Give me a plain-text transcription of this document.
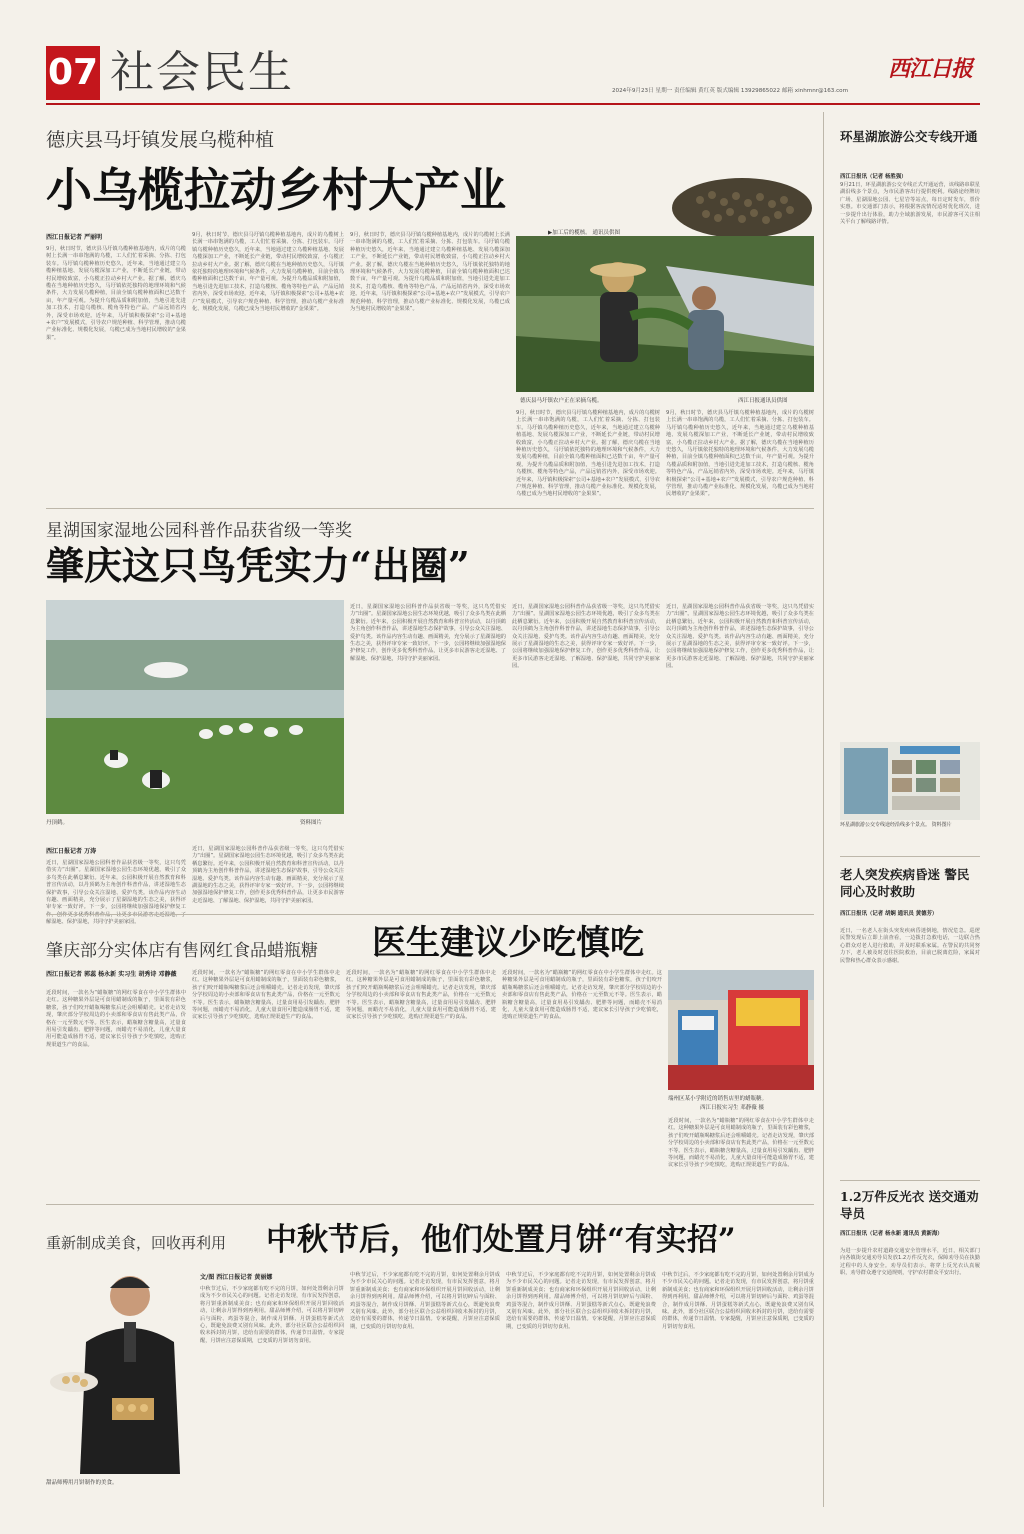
07 社会民生	西江日报
2024年9月23日 星期一 责任编辑 黄红英 版式编辑 13929865022 邮箱 xinhmnr@163.com
德庆县马圩镇发展乌榄种植
小乌榄拉动乡村大产业
西江日报记者 严丽明
9月，秋日时节，德庆县马圩镇乌榄种植基地内，成片的乌榄树上长满一串串饱满的乌榄，工人们忙着采摘、分拣、打包装车。马圩镇乌榄种植历史悠久，近年来，当地通过建立乌榄种植基地、发展乌榄深加工产业，不断延长产业链，带动村民增收致富，小乌榄正拉动乡村大产业。据了解，德庆乌榄在当地种植历史悠久，马圩镇依托独特的地理环境和气候条件，大力发展乌榄种植，目前全镇乌榄种植面积已达数千亩，年产量可观。为提升乌榄品质和附加值，当地引进先进加工技术，打造乌榄核、榄角等特色产品，产品远销省内外，深受市场欢迎。近年来，马圩镇积极探索“公司+基地+农户”发展模式，引导农户规范种植、科学管理，推动乌榄产业标准化、规模化发展，乌榄已成为当地村民增收的“金果果”。
9月，秋日时节，德庆县马圩镇乌榄种植基地内，成片的乌榄树上长满一串串饱满的乌榄，工人们忙着采摘、分拣、打包装车。马圩镇乌榄种植历史悠久，近年来，当地通过建立乌榄种植基地、发展乌榄深加工产业，不断延长产业链，带动村民增收致富，小乌榄正拉动乡村大产业。据了解，德庆乌榄在当地种植历史悠久，马圩镇依托独特的地理环境和气候条件，大力发展乌榄种植，目前全镇乌榄种植面积已达数千亩，年产量可观。为提升乌榄品质和附加值，当地引进先进加工技术，打造乌榄核、榄角等特色产品，产品远销省内外，深受市场欢迎。近年来，马圩镇积极探索“公司+基地+农户”发展模式，引导农户规范种植、科学管理，推动乌榄产业标准化、规模化发展，乌榄已成为当地村民增收的“金果果”。
9月，秋日时节，德庆县马圩镇乌榄种植基地内，成片的乌榄树上长满一串串饱满的乌榄，工人们忙着采摘、分拣、打包装车。马圩镇乌榄种植历史悠久，近年来，当地通过建立乌榄种植基地、发展乌榄深加工产业，不断延长产业链，带动村民增收致富，小乌榄正拉动乡村大产业。据了解，德庆乌榄在当地种植历史悠久，马圩镇依托独特的地理环境和气候条件，大力发展乌榄种植，目前全镇乌榄种植面积已达数千亩，年产量可观。为提升乌榄品质和附加值，当地引进先进加工技术，打造乌榄核、榄角等特色产品，产品远销省内外，深受市场欢迎。近年来，马圩镇积极探索“公司+基地+农户”发展模式，引导农户规范种植、科学管理，推动乌榄产业标准化、规模化发展，乌榄已成为当地村民增收的“金果果”。
▶加工后的榄核。 通讯员供图
德庆县马圩镇农户正在采摘乌榄。	西江日报通讯员供图
9月，秋日时节，德庆县马圩镇乌榄种植基地内，成片的乌榄树上长满一串串饱满的乌榄，工人们忙着采摘、分拣、打包装车。马圩镇乌榄种植历史悠久，近年来，当地通过建立乌榄种植基地、发展乌榄深加工产业，不断延长产业链，带动村民增收致富，小乌榄正拉动乡村大产业。据了解，德庆乌榄在当地种植历史悠久，马圩镇依托独特的地理环境和气候条件，大力发展乌榄种植，目前全镇乌榄种植面积已达数千亩，年产量可观。为提升乌榄品质和附加值，当地引进先进加工技术，打造乌榄核、榄角等特色产品，产品远销省内外，深受市场欢迎。近年来，马圩镇积极探索“公司+基地+农户”发展模式，引导农户规范种植、科学管理，推动乌榄产业标准化、规模化发展，乌榄已成为当地村民增收的“金果果”。
9月，秋日时节，德庆县马圩镇乌榄种植基地内，成片的乌榄树上长满一串串饱满的乌榄，工人们忙着采摘、分拣、打包装车。马圩镇乌榄种植历史悠久，近年来，当地通过建立乌榄种植基地、发展乌榄深加工产业，不断延长产业链，带动村民增收致富，小乌榄正拉动乡村大产业。据了解，德庆乌榄在当地种植历史悠久，马圩镇依托独特的地理环境和气候条件，大力发展乌榄种植，目前全镇乌榄种植面积已达数千亩，年产量可观。为提升乌榄品质和附加值，当地引进先进加工技术，打造乌榄核、榄角等特色产品，产品远销省内外，深受市场欢迎。近年来，马圩镇积极探索“公司+基地+农户”发展模式，引导农户规范种植、科学管理，推动乌榄产业标准化、规模化发展，乌榄已成为当地村民增收的“金果果”。
星湖国家湿地公园科普作品获省级一等奖
肇庆这只鸟凭实力“出圈”
丹顶鹤。	资料图片
西江日报记者 万涛
近日，星湖国家湿地公园科普作品获省级一等奖，这只鸟凭借实力“出圈”。星湖国家湿地公园生态环境优越，吸引了众多鸟类在此栖息繁衍。近年来，公园积极开展自然教育和科普宣传活动，以丹顶鹤为主角创作科普作品，讲述湿地生态保护故事，引导公众关注湿地、爱护鸟类。该作品内容生动有趣、画面精美，充分展示了星湖湿地的生态之美，获得评审专家一致好评。下一步，公园将继续加强湿地保护修复工 解湿地、保护湿地，共同守护美丽家园。
近日，星湖国家湿地公园科普作品获省级一等奖，这只鸟凭借实力“出圈”。星湖国家湿地公园生态环境优越，吸引了众多鸟类在此栖息繁衍。近年来，公园积极开展自然教育和科普宣传活动，以丹顶鹤为主角创作科普作品，讲述湿地生态保护故事，引导公众关注湿地、爱护鸟类。该作品内容生动有趣、画面精美，充分展示了星湖湿地的生态之美，获得评审专家一致好评。下一步，公园将继续加强湿地保护修复工作，创作更多优秀科普作品，让更多市民游客走近湿地、了解湿地、保护湿地，共同守护美丽家园。
近日，星湖国家湿地公园科普作品获省级一等奖，这只鸟凭借实力“出圈”。星湖国家湿地公园生态环境优越，吸引了众多鸟类在此栖息繁衍。近年来，公园积极开展自然教育和科普宣传活动，以丹顶鹤为主角创作科普作品，讲述湿地生态保护故事，引导公众关注湿地、爱护鸟类。该作品内容生动有趣、画面精美，充分展示了星湖湿地的生态之美，获得评审专家一致好评。下一步，公园将继续加强湿地保护修复工作，创作更多优秀科普作品，让更多市民游客走近湿地、了解湿地、保护湿地，共同守护美丽家园。
近日，星湖国家湿地公园科普作品获省级一等奖，这只鸟凭借实力“出圈”。星湖国家湿地公园生态环境优越，吸引了众多鸟类在此栖息繁衍。近年来，公园积极开展自然教育和科普宣传活动，以丹顶鹤为主角创作科普作品，讲述湿地生态保护故事，引导公众关注湿地、爱护鸟类。该作品内容生动有趣、画面精美，充分展示了星湖湿地的生态之美，获得评审专家一致好评。下一步，公园将继续加强湿地保护修复工作，创作更多优秀科普作品，让更多市民游客走近湿地、了解湿地、保护湿地，共同守护美丽家园。
近日，星湖国家湿地公园科普作品获省级一等奖，这只鸟凭借实力“出圈”。星湖国家湿地公园生态环境优越，吸引了众多鸟类在此栖息繁衍。近年来，公园积极开展自然教育和科普宣传活动，以丹顶鹤为主角创作科普作品，讲述湿地生态保护故事，引导公众关注湿地、爱护鸟类。该作品内容生动有趣、画面精美，充分展示了星湖湿地的生态之美，获得评审专家一致好评。下一步，公园将继续加强湿地保护修复工作，创作更多优秀科普作品，让更多市民游客走近湿地、了解湿地、保护湿地，共同守护美丽家园。
肇庆部分实体店有售网红食品蜡瓶糖 医生建议少吃慎吃
西江日报记者 郭蕊 杨永新 实习生 胡秀诗 邓静薇
近段时间，一款名为“蜡瓶糖”的网红零食在中小学生群体中走红。这种糖果外层是可食用蜡制成的瓶子，里面装有彩色糖浆，孩子们咬开蜡瓶喝糖浆后还会咀嚼蜡壳。记者走访发现，肇庆部分学校周边的小卖部和零食店有售此类产品，价格在一元至数元不等。医生表示，蜡瓶糖含糖量高，过量食用易引发龋齿、肥胖等问题，而蜡壳不易消化，儿童大量食用可能造成肠胃不适，建议家长引导孩子少吃慎吃，选购正规渠道生产的食品。
近段时间，一款名为“蜡瓶糖”的网红零食在中小学生群体中走红。这种糖果外层是可食用蜡制成的瓶子，里面装有彩色糖浆，孩子们咬开蜡瓶喝糖浆后还会咀嚼蜡壳。记者走访发现，肇庆部分学校周边的小卖部和零食店有售此类产品，价格在一元至数元不等。医生表示，蜡瓶糖含糖量高，过量食用易引发龋齿、肥胖等问题，而蜡壳不易消化，儿童大量食用可能造成肠胃不适，建议家长引导孩子少吃慎吃，选购正规渠道生产的食品。
近段时间，一款名为“蜡瓶糖”的网红零食在中小学生群体中走红。这种糖果外层是可食用蜡制成的瓶子，里面装有彩色糖浆，孩子们咬开蜡瓶喝糖浆后还会咀嚼蜡壳。记者走访发现，肇庆部分学校周边的小卖部和零食店有售此类产品，价格在一元至数元不等。医生表示，蜡瓶糖含糖量高，过量食用易引发龋齿、肥胖等问题，而蜡壳不易消化，儿童大量食用可能造成肠胃不适，建议家长引导孩子少吃慎吃，选购正规渠道生产的食品。
近段时间，一款名为“蜡瓶糖”的网红零食在中小学生群体中走红。这种糖果外层是可食用蜡制成的瓶子，里面装有彩色糖浆，孩子们咬开蜡瓶喝糖浆后还会咀嚼蜡壳。记者走访发现，肇庆部分学校周边的小卖部和零食店有售此类产品，价格在一元至数元不等。医生表示，蜡瓶糖含糖量高，过量食用易引发龋齿、肥胖等问题，而蜡壳不易消化，儿童大量食用可能造成肠胃不适，建议家长引导孩子少吃慎吃，选购正规渠道生产的食品。
端州区某小学附近的销售店里的蜡瓶糖。
西江日报实习生 邓静薇 摄
近段时间，一款名为“蜡瓶糖”的网红零食在中小学生群体中走红。这种糖果外层是可食用蜡制成的瓶子，里面装有彩色糖浆，孩子们咬开蜡瓶喝糖浆后还会咀嚼蜡壳。记者走访发现，肇庆部分学校周边的小卖部和零食店有售此类产品，价格在一元至数元不等。医生表示，蜡瓶糖含糖量高，过量食用易引发龋齿、肥胖等问题，而蜡壳不易消化，儿童大量食用可能造成肠胃不适，建议家长引导孩子少吃慎吃，选购正规渠道生产的食品。
重新制成美食，回收再利用 中秋节后，他们处置月饼“有实招”
甜品师傅用月饼制作的美食。
文/图 西江日报记者 黄丽娜
中秋节过后，不少家庭都有吃不完的月饼，如何处置剩余月饼成为不少市民关心的问题。记者走访发现，有市民发挥创意，将月饼重新制成美食；也有商家和环保组织开展月饼回收活动，让剩余月饼得到再利用。甜品师傅介绍，可以将月饼切碎后与面粉、鸡蛋等混合，制作成月饼酥、月饼蛋糕等新式点心，既避免浪费又别有风味。此外，部分社区联合公益组织回收未拆封的月饼，送给有需要的群体，传递节日温情。专家提醒，月饼应注意保质期，已变质的月饼切勿食用。
中秋节过后，不少家庭都有吃不完的月饼，如何处置剩余月饼成为不少市民关心的问题。记者走访发现，有市民发挥创意，将月饼重新制成美食；也有商家和环保组织开展月饼回收活动，让剩余月饼得到再利用。甜品师傅介绍，可以将月饼切碎后与面粉、鸡蛋等混合，制作成月饼酥、月饼蛋糕等新式点心，既避免浪费又别有风味。此外，部分社区联合公益组织回收未拆封的月饼，送给有需要的群体，传递节日温情。专家提醒，月饼应注意保质期，已变质的月饼切勿食用。
中秋节过后，不少家庭都有吃不完的月饼，如何处置剩余月饼成为不少市民关心的问题。记者走访发现，有市民发挥创意，将月饼重新制成美食；也有商家和环保组织开展月饼回收活动，让剩余月饼得到再利用。甜品师傅介绍，可以将月饼切碎后与面粉、鸡蛋等混合，制作成月饼酥、月饼蛋糕等新式点心，既避免浪费又别有风味。此外，部分社区联合公益组织回收未拆封的月饼，送给有需要的群体，传递节日温情。专家提醒，月饼应注意保质期，已变质的月饼切勿食用。
中秋节过后，不少家庭都有吃不完的月饼，如何处置剩余月饼成为不少市民关心的问题。记者走访发现，有市民发挥创意，将月饼重新制成美食；也有商家和环保组织开展月饼回收活动，让剩余月饼得到再利用。甜品师傅介绍，可以将月饼切碎后与面粉、鸡蛋等混合，制作成月饼酥、月饼蛋糕等新式点心，既避免浪费又别有风味。此外，部分社区联合公益组织回收未拆封的月饼，送给有需要的群体，传递节日温情。专家提醒，月饼应注意保质期，已变质的月饼切勿食用。
环星湖旅游公交专线开通
西江日报讯（记者 杨胜强）
9月21日，环星湖旅游公交专线正式开通运营，该线路串联星湖沿线多个景点，为市民游客出行提供便利。线路途经牌坊广场、星湖湿地公园、七星岩等站点，每日定时发车，票价实惠。市交通部门表示，将根据客流情况适时优化班次，进一步提升出行体验，助力全域旅游发展，市民游客可关注相关平台了解线路详情。
环星湖旅游公交专线途经沿线多个景点。 资料图片
老人突发疾病昏迷 警民同心及时救助
西江日报讯（记者 胡娴 通讯员 黄德芳）
近日，一名老人在街头突发疾病昏迷倒地，情况危急。巡逻民警发现后立即上前查看，一边拨打急救电话，一边联合热心群众对老人进行救助，并及时联系家属。在警民的共同努力下，老人被及时送往医院救治，目前已脱离危险，家属对民警和热心群众表示感谢。
1.2万件反光衣 送交通劝导员
西江日报讯（记者 杨永新 通讯员 黄新海）
为进一步提升农村道路交通安全管理水平，近日，相关部门向各镇街交通劝导员发放1.2万件反光衣，保障劝导员在执勤过程中的人身安全。劝导员们表示，将穿上反光衣认真履职，劝导群众遵守交通规则，守护农村群众平安出行。
